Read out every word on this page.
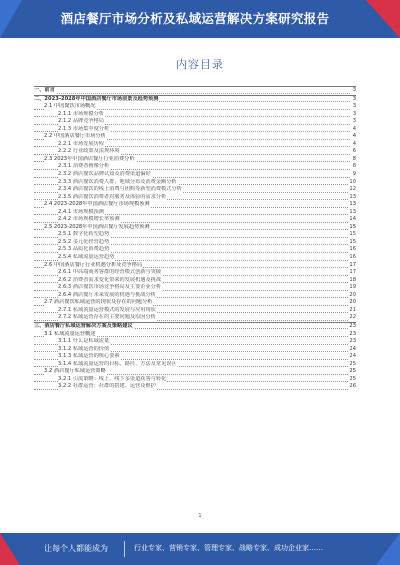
酒店餐厅市场分析及私域运营解决方案研究报告
内容目录
一、前言	3
二、2023-2028年中国酒店餐厅市场前景及趋势预测	3
2.1 中国餐饮市场概况	3
2.1.1 市场规模分析	3
2.1.2 品牌竞争格局	3
2.1.3 市场集中度分析	4
2.2 中国酒店餐厅市场分析	4
2.2.1 市场发展历程	4
2.2.2 行业政策及法规环境	6
2.3 2023年中国酒店餐厅行业消费分析	8
2.3.1 消费者画像分析	8
2.3.2 酒店餐饮品牌认知及消费渠道偏好	9
2.3.3 酒店餐饮消费人群、地域分布及消费金额分析	10
2.3.4 酒店餐饮的线上消费与团购等新型消费模式分析	12
2.3.5 酒店餐饮消费者对服务及体验的需求分析	13
2.4 2023-2028年中国酒店餐厅市场规模预测	13
2.4.1 市场规模预测	13
2.4.2 市场规模增长率预测	14
2.5 2023-2028年中国酒店餐厅发展趋势预测	15
2.5.1 数字化转型趋势	15
2.5.2 多元化经营趋势	15
2.5.3 品质化消费趋势	16
2.5.4 私域流量运营趋势	16
2.6 中国酒店餐厅行业机遇分析及竞争格局	17
2.6.1 中高端商务客群的经营模式创新与突破	17
2.6.2 消费者需求变化带来的发展机遇及挑战	18
2.6.3 酒店餐饮市场竞争格局及主要企业分析	19
2.6.4 酒店餐厅未来发展的机遇与挑战分析	20
2.7 酒店餐饮私域运营的现状及存在的问题分析	20
2.7.1 私域流量运营模式的发展与应用现状	21
2.7.2 私域运营存在的主要问题及原因分析	22
三、酒店餐厅私域运营解决方案及策略建议	23
3.1 私域流量运营概述	23
3.1.1 什么是私域流量	23
3.1.2 私域运营的价值	24
3.1.3 私域运营的核心要素	24
3.1.4 私域流量运营的目标、路径、方法及常见误区	25
3.2 酒店餐厅私域运营策略	25
3.2.1 引流策略：线上、线下多渠道获客与转化	25
3.2.2 社群运营：社群的搭建、运营及维护	26
1
让每个人都能成为	行业专家、营销专家、管理专家、战略专家、成功企业家……
